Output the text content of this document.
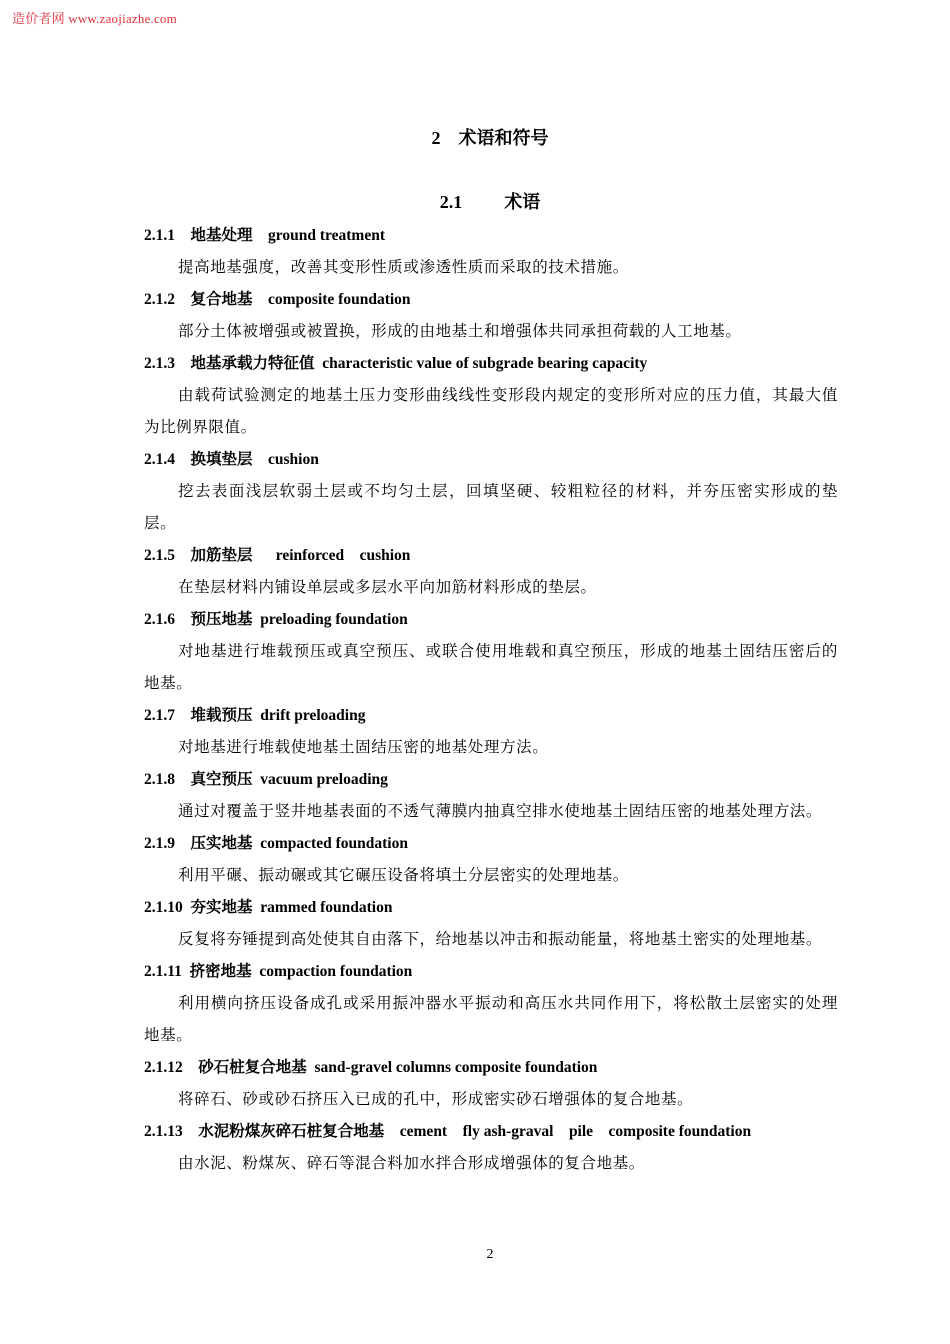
造价者网 www.zaojiazhe.com
2 术语和符号
2.1 术语
2.1.1 地基处理 ground treatment
提高地基强度，改善其变形性质或渗透性质而采取的技术措施。
2.1.2 复合地基 composite foundation
部分土体被增强或被置换，形成的由地基土和增强体共同承担荷载的人工地基。
2.1.3 地基承载力特征值 characteristic value of subgrade bearing capacity
由载荷试验测定的地基土压力变形曲线线性变形段内规定的变形所对应的压力值，其最大值为比例界限值。
2.1.4 换填垫层 cushion
挖去表面浅层软弱土层或不均匀土层，回填坚硬、较粗粒径的材料，并夯压密实形成的垫层。
2.1.5 加筋垫层 reinforced    cushion
在垫层材料内铺设单层或多层水平向加筋材料形成的垫层。
2.1.6 预压地基 preloading foundation
对地基进行堆载预压或真空预压、或联合使用堆载和真空预压，形成的地基土固结压密后的地基。
2.1.7 堆载预压 drift preloading
对地基进行堆载使地基土固结压密的地基处理方法。
2.1.8 真空预压 vacuum preloading
通过对覆盖于竖井地基表面的不透气薄膜内抽真空排水使地基土固结压密的地基处理方法。
2.1.9 压实地基 compacted foundation
利用平碾、振动碾或其它碾压设备将填土分层密实的处理地基。
2.1.10 夯实地基 rammed foundation
反复将夯锤提到高处使其自由落下，给地基以冲击和振动能量，将地基土密实的处理地基。
2.1.11 挤密地基 compaction foundation
利用横向挤压设备成孔或采用振冲器水平振动和高压水共同作用下，将松散土层密实的处理地基。
2.1.12 砂石桩复合地基 sand-gravel columns composite foundation
将碎石、砂或砂石挤压入已成的孔中，形成密实砂石增强体的复合地基。
2.1.13 水泥粉煤灰碎石桩复合地基 cement    fly ash-graval    pile    composite foundation
由水泥、粉煤灰、碎石等混合料加水拌合形成增强体的复合地基。
2
